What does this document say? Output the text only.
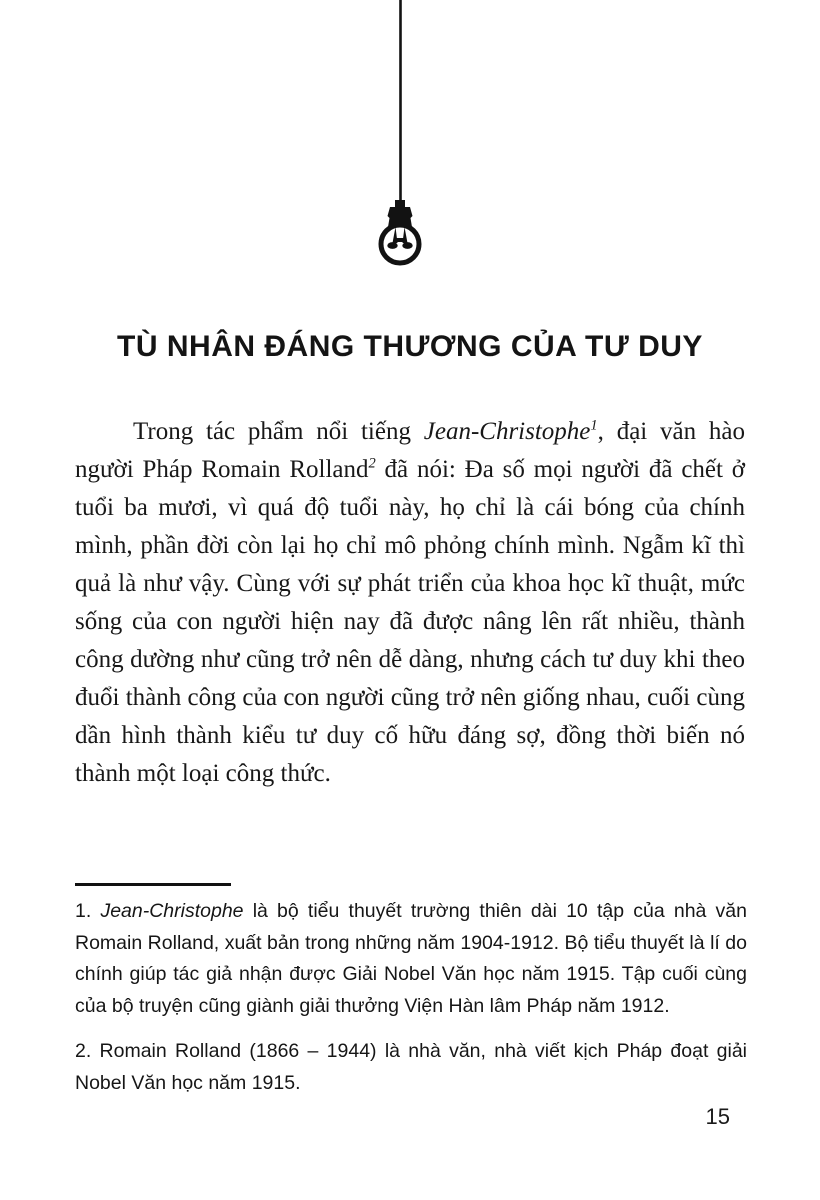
TÙ NHÂN ĐÁNG THƯƠNG CỦA TƯ DUY

Trong tác phẩm nổi tiếng Jean-Christophe$^1$, đại văn hào người Pháp Romain Rolland$^2$ đã nói: Đa số mọi người đã chết ở tuổi ba mươi, vì quá độ tuổi này, họ chỉ là cái bóng của chính mình, phần đời còn lại họ chỉ mô phỏng chính mình. Ngẫm kĩ thì quả là như vậy. Cùng với sự phát triển của khoa học kĩ thuật, mức sống của con người hiện nay đã được nâng lên rất nhiều, thành công dường như cũng trở nên dễ dàng, nhưng cách tư duy khi theo đuổi thành công của con người cũng trở nên giống nhau, cuối cùng dần hình thành kiểu tư duy cố hữu đáng sợ, đồng thời biến nó thành một loại công thức.

1. Jean-Christophe là bộ tiểu thuyết trường thiên dài 10 tập của nhà văn Romain Rolland, xuất bản trong những năm 1904-1912. Bộ tiểu thuyết là lí do chính giúp tác giả nhận được Giải Nobel Văn học năm 1915. Tập cuối cùng của bộ truyện cũng giành giải thưởng Viện Hàn lâm Pháp năm 1912.

2. Romain Rolland (1866 – 1944) là nhà văn, nhà viết kịch Pháp đoạt giải Nobel Văn học năm 1915.

15
